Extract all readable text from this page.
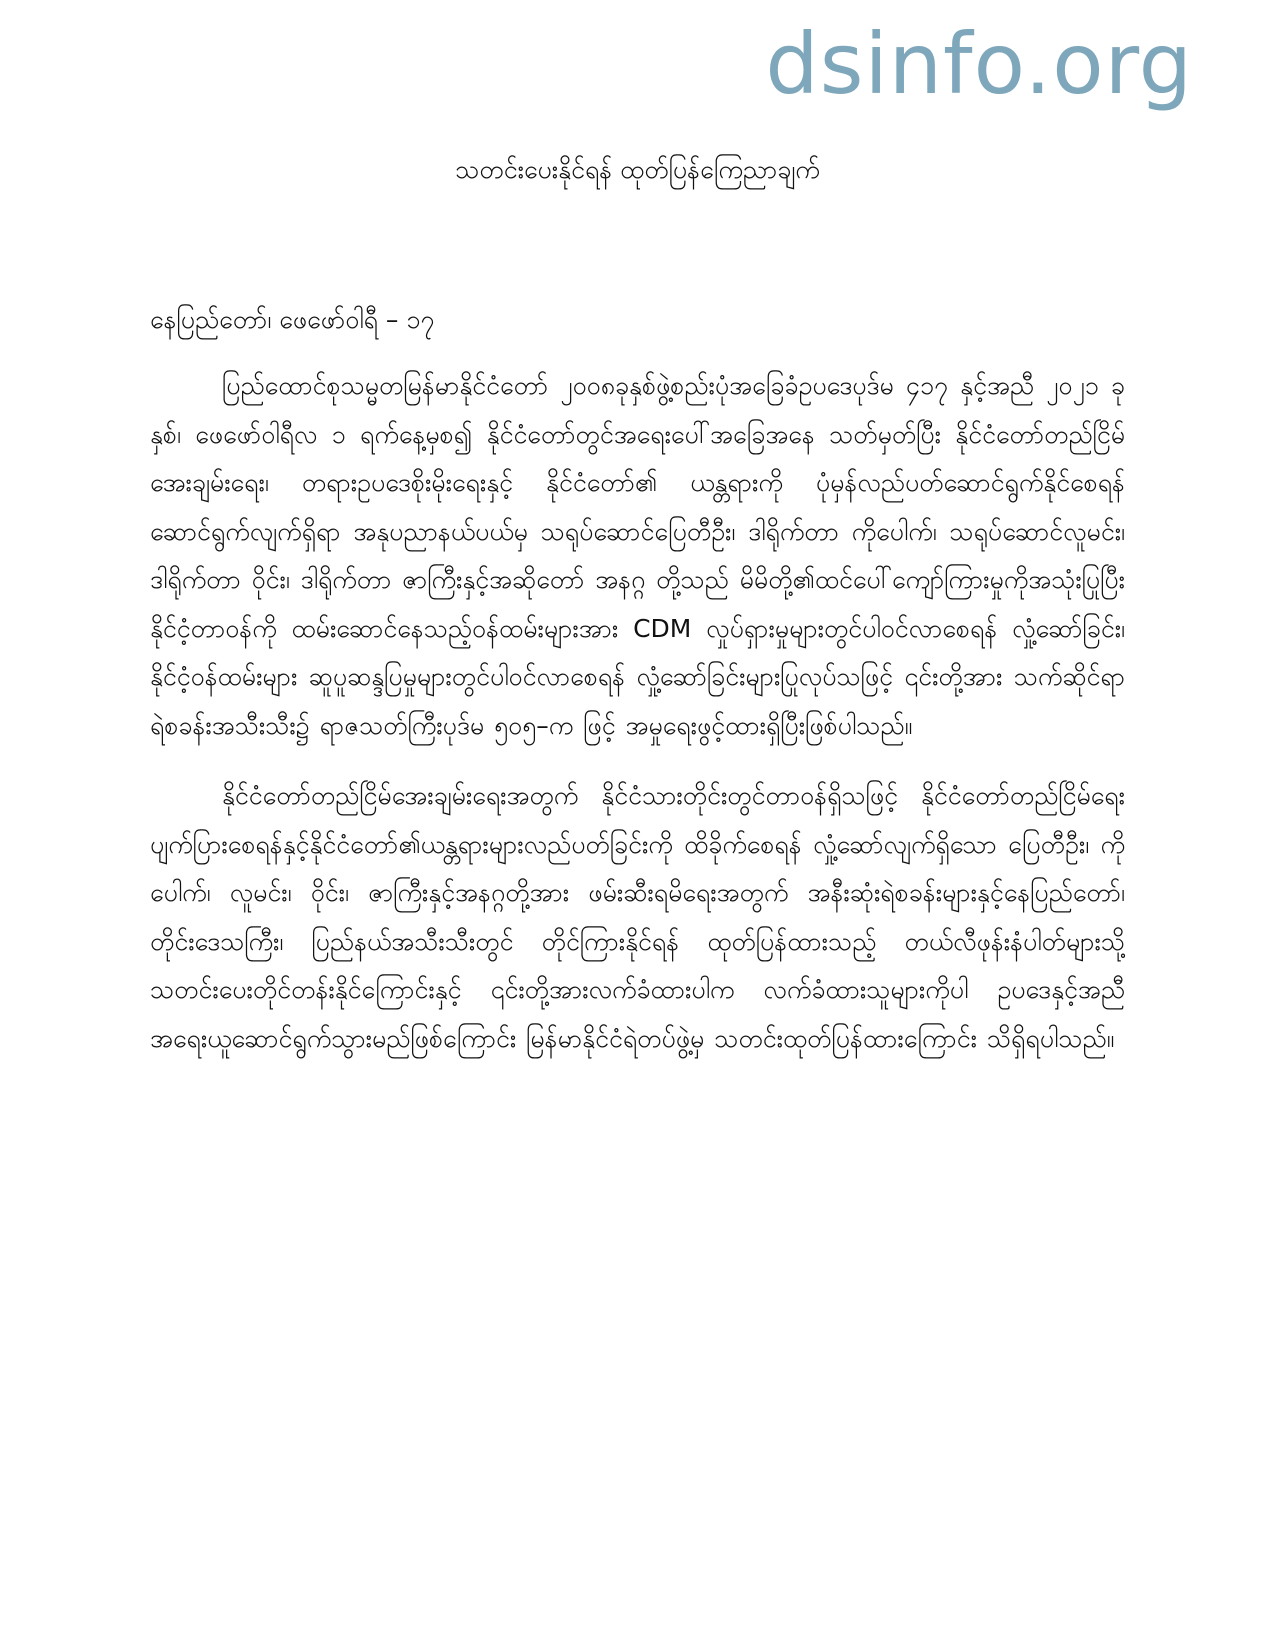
dsinfo.org
သတင်းပေးနိုင်ရန် ထုတ်ပြန်ကြေညာချက်

နေပြည်တော်၊ ဖေဖော်ဝါရီ – ၁၇

ပြည်ထောင်စုသမ္မတမြန်မာနိုင်ငံတော် ၂၀၀၈ခုနှစ်ဖွဲ့စည်းပုံအခြေခံဥပဒေပုဒ်မ ၄၁၇ နှင့်အညီ ၂၀၂၁ ခုနှစ်၊ ဖေဖော်ဝါရီလ ၁ ရက်နေ့မှစ၍ နိုင်ငံတော်တွင်အရေးပေါ်အခြေအနေ သတ်မှတ်ပြီး နိုင်ငံတော်တည်ငြိမ်အေးချမ်းရေး၊ တရားဥပဒေစိုးမိုးရေးနှင့် နိုင်ငံတော်၏ ယန္တရားကို ပုံမှန်လည်ပတ်ဆောင်ရွက်နိုင်စေရန်ဆောင်ရွက်လျက်ရှိရာ အနုပညာနယ်ပယ်မှ သရုပ်ဆောင်ပြေတီဦး၊ ဒါရိုက်တာ ကိုပေါက်၊ သရုပ်ဆောင်လူမင်း၊ ဒါရိုက်တာ ဝိုင်း၊ ဒါရိုက်တာ ဇာကြီးနှင့်အဆိုတော် အနဂ္ဂ တို့သည် မိမိတို့၏ထင်ပေါ်ကျော်ကြားမှုကိုအသုံးပြုပြီး နိုင်ငံ့တာဝန်ကို ထမ်းဆောင်နေသည့်ဝန်ထမ်းများအား CDM လှုပ်ရှားမှုများတွင်ပါဝင်လာစေရန် လှုံ့ဆော်ခြင်း၊ နိုင်ငံ့ဝန်ထမ်းများ ဆူပူဆန္ဒပြမှုများတွင်ပါဝင်လာစေရန် လှုံ့ဆော်ခြင်းများပြုလုပ်သဖြင့် ၎င်းတို့အား သက်ဆိုင်ရာရဲစခန်းအသီးသီး၌ ရာဇသတ်ကြီးပုဒ်မ ၅၀၅–က ဖြင့် အမှုရေးဖွင့်ထားရှိပြီးဖြစ်ပါသည်။

နိုင်ငံတော်တည်ငြိမ်အေးချမ်းရေးအတွက် နိုင်ငံသားတိုင်းတွင်တာဝန်ရှိသဖြင့် နိုင်ငံတော်တည်ငြိမ်ရေးပျက်ပြားစေရန်နှင့်နိုင်ငံတော်၏ယန္တရားများလည်ပတ်ခြင်းကို ထိခိုက်စေရန် လှုံ့ဆော်လျက်ရှိသော ပြေတီဦး၊ ကိုပေါက်၊ လူမင်း၊ ဝိုင်း၊ ဇာကြီးနှင့်အနဂ္ဂတို့အား ဖမ်းဆီးရမိရေးအတွက် အနီးဆုံးရဲစခန်းများနှင့်နေပြည်တော်၊ တိုင်းဒေသကြီး၊ ပြည်နယ်အသီးသီးတွင် တိုင်ကြားနိုင်ရန် ထုတ်ပြန်ထားသည့် တယ်လီဖုန်းနံပါတ်များသို့ သတင်းပေးတိုင်တန်းနိုင်ကြောင်းနှင့် ၎င်းတို့အားလက်ခံထားပါက လက်ခံထားသူများကိုပါ ဥပဒေနှင့်အညီအရေးယူဆောင်ရွက်သွားမည်ဖြစ်ကြောင်း မြန်မာနိုင်ငံရဲတပ်ဖွဲ့မှ သတင်းထုတ်ပြန်ထားကြောင်း သိရှိရပါသည်။
